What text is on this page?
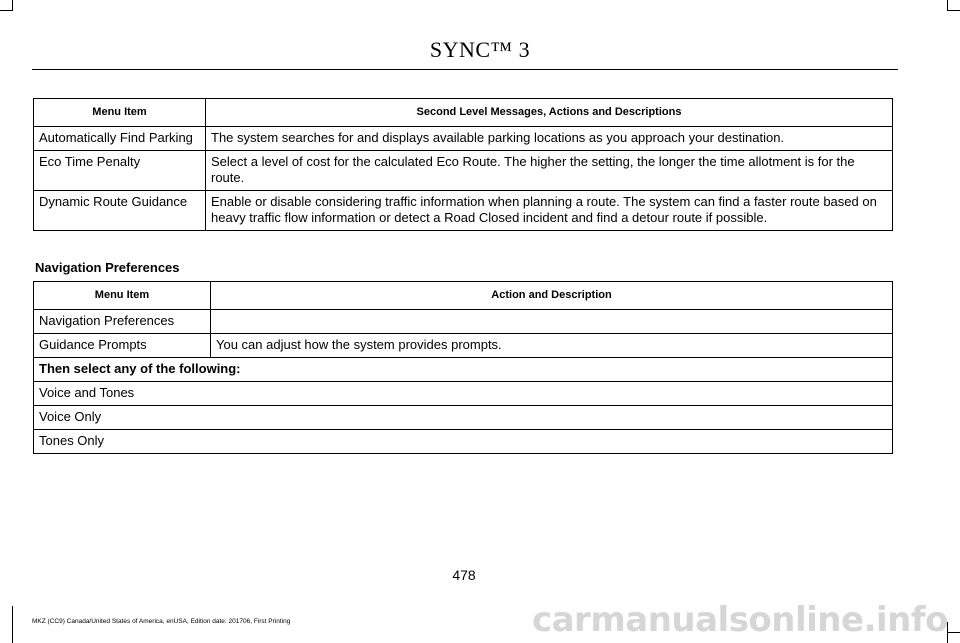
SYNC™ 3
Menu Item	Second Level Messages, Actions and Descriptions
Automatically Find Parking	The system searches for and displays available parking locations as you approach your destination.
Eco Time Penalty	Select a level of cost for the calculated Eco Route. The higher the setting, the longer the time allotment is for the route.
Dynamic Route Guidance	Enable or disable considering traffic information when planning a route. The system can find a faster route based on heavy traffic flow information or detect a Road Closed incident and find a detour route if possible.
Navigation Preferences
Menu Item	Action and Description
Navigation Preferences	
Guidance Prompts	You can adjust how the system provides prompts.
Then select any of the following:	
Voice and Tones	
Voice Only	
Tones Only	
478
MKZ (CC9) Canada/United States of America, enUSA, Edition date: 201706, First Printing	carmanualsonline.info
